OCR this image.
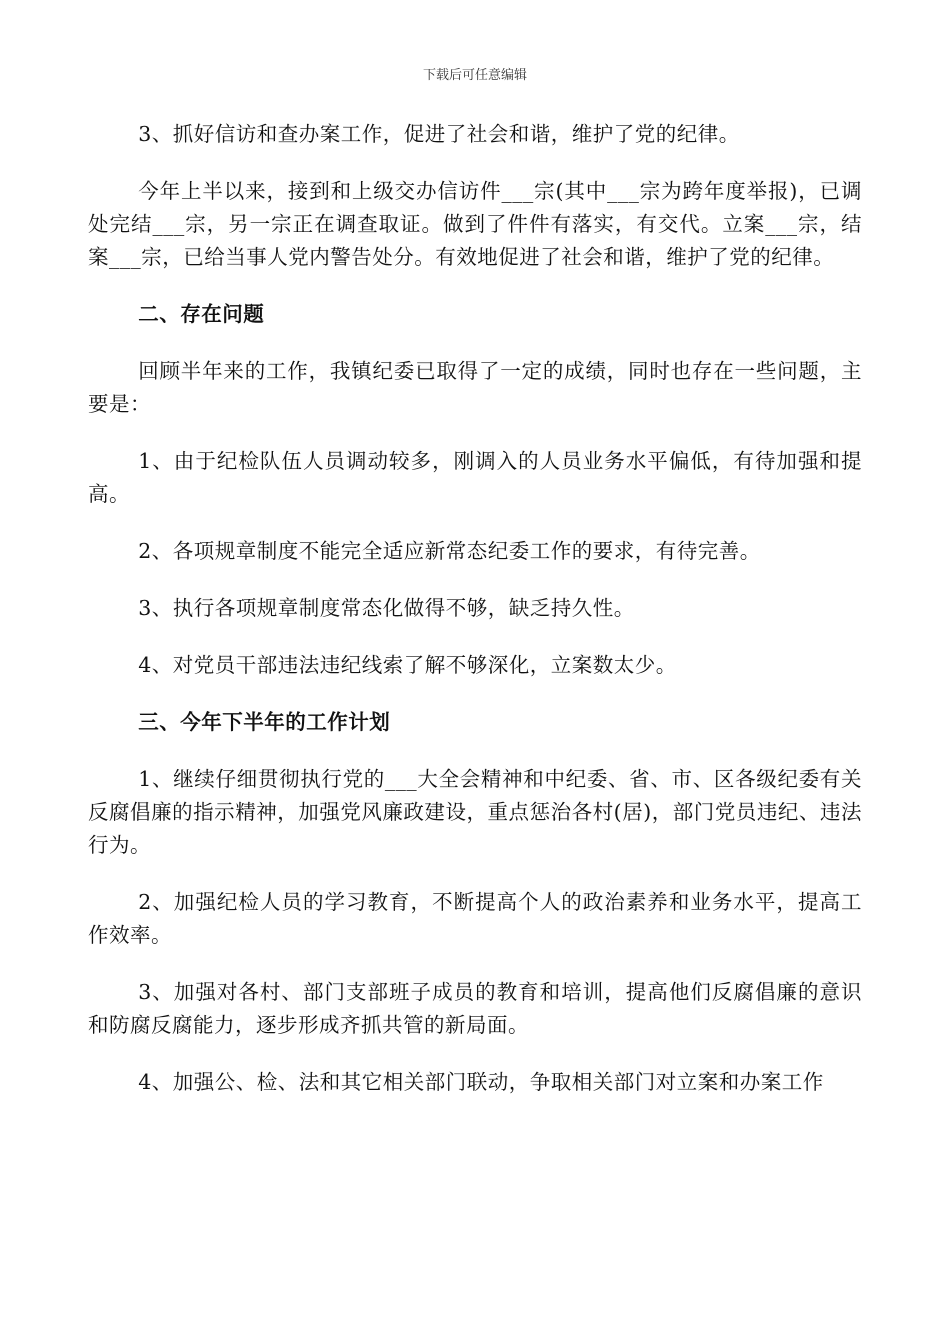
下载后可任意编辑

3、抓好信访和查办案工作，促进了社会和谐，维护了党的纪律。

今年上半以来，接到和上级交办信访件___宗(其中___宗为跨年度举报)，已调处完结___宗，另一宗正在调查取证。做到了件件有落实，有交代。立案___宗，结案___宗，已给当事人党内警告处分。有效地促进了社会和谐，维护了党的纪律。

二、存在问题

回顾半年来的工作，我镇纪委已取得了一定的成绩，同时也存在一些问题，主要是：

1、由于纪检队伍人员调动较多，刚调入的人员业务水平偏低，有待加强和提高。

2、各项规章制度不能完全适应新常态纪委工作的要求，有待完善。

3、执行各项规章制度常态化做得不够，缺乏持久性。

4、对党员干部违法违纪线索了解不够深化，立案数太少。

三、今年下半年的工作计划

1、继续仔细贯彻执行党的___大全会精神和中纪委、省、市、区各级纪委有关反腐倡廉的指示精神，加强党风廉政建设，重点惩治各村(居)，部门党员违纪、违法行为。

2、加强纪检人员的学习教育，不断提高个人的政治素养和业务水平，提高工作效率。

3、加强对各村、部门支部班子成员的教育和培训，提高他们反腐倡廉的意识和防腐反腐能力，逐步形成齐抓共管的新局面。

4、加强公、检、法和其它相关部门联动，争取相关部门对立案和办案工作
